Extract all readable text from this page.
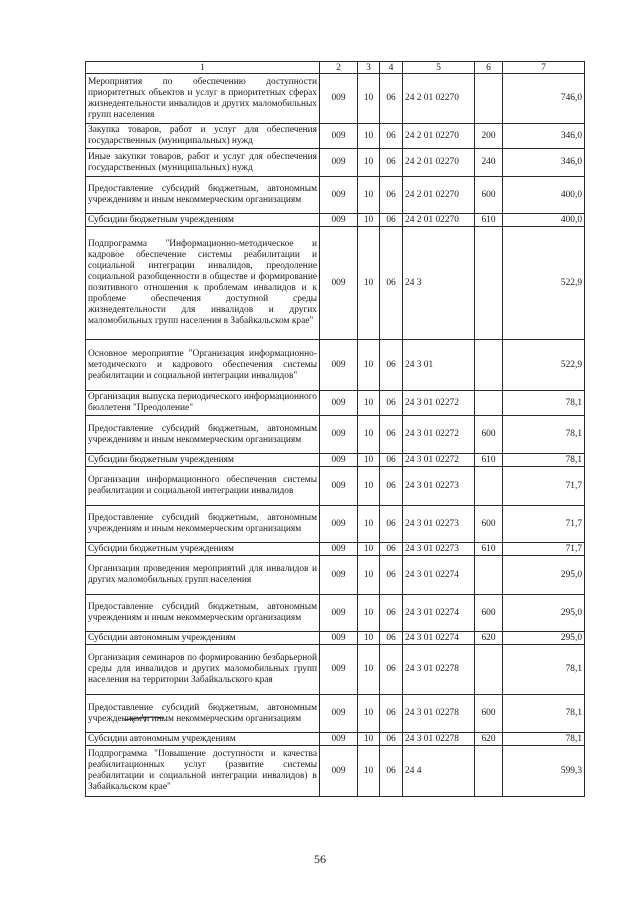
1	2	3	4	5	6	7
Мероприятия по обеспечению доступности приоритетных объектов и услуг в приоритетных сферах жизнедеятельности инвалидов и других маломобильных групп населения	009	10	06	24 2 01 02270		746,0
Закупка товаров, работ и услуг для обеспечения государственных (муниципальных) нужд	009	10	06	24 2 01 02270	200	346,0
Иные закупки товаров, работ и услуг для обеспечения государственных (муниципальных) нужд	009	10	06	24 2 01 02270	240	346,0
Предоставление субсидий бюджетным, автономным учреждениям и иным некоммерческим организациям	009	10	06	24 2 01 02270	600	400,0
Субсидии бюджетным учреждениям	009	10	06	24 2 01 02270	610	400,0
Подпрограмма "Информационно-методическое и кадровое обеспечение системы реабилитации и социальной интеграции инвалидов, преодоление социальной разобщенности в обществе и формирование позитивного отношения к проблемам инвалидов и к проблеме обеспечения доступной среды жизнедеятельности для инвалидов и других маломобильных групп населения в Забайкальском крае"	009	10	06	24 3		522,9
Основное мероприятие "Организация информационно-методического и кадрового обеспечения системы реабилитации и социальной интеграции инвалидов"	009	10	06	24 3 01		522,9
Организация выпуска периодического информационного бюллетеня "Преодоление"	009	10	06	24 3 01 02272		78,1
Предоставление субсидий бюджетным, автономным учреждениям и иным некоммерческим организациям	009	10	06	24 3 01 02272	600	78,1
Субсидии бюджетным учреждениям	009	10	06	24 3 01 02272	610	78,1
Организация информационного обеспечения системы реабилитации и социальной интеграции инвалидов	009	10	06	24 3 01 02273		71,7
Предоставление субсидий бюджетным, автономным учреждениям и иным некоммерческим организациям	009	10	06	24 3 01 02273	600	71,7
Субсидии бюджетным учреждениям	009	10	06	24 3 01 02273	610	71,7
Организация проведения мероприятий для инвалидов и других маломобильных групп населения	009	10	06	24 3 01 02274		295,0
Предоставление субсидий бюджетным, автономным учреждениям и иным некоммерческим организациям	009	10	06	24 3 01 02274	600	295,0
Субсидии автономным учреждениям	009	10	06	24 3 01 02274	620	295,0
Организация семинаров по формированию безбарьерной среды для инвалидов и других маломобильных групп населения на территории Забайкальского края	009	10	06	24 3 01 02278		78,1
Предоставление субсидий бюджетным, автономным учреждениям и иным некоммерческим организациям	009	10	06	24 3 01 02278	600	78,1
Субсидии автономным учреждениям	009	10	06	24 3 01 02278	620	78,1
Подпрограмма "Повышение доступности и качества реабилитационных услуг (развитие системы реабилитации и социальной интеграции инвалидов) в Забайкальском крае"	009	10	06	24 4		599,3
56
